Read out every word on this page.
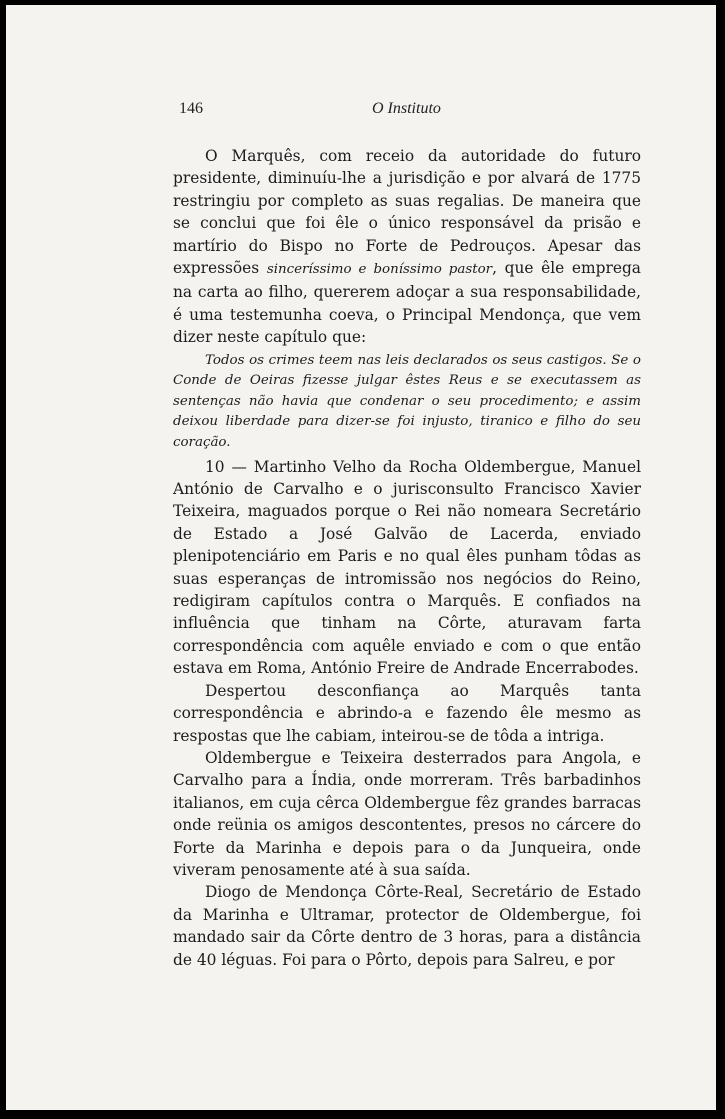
146	O Instituto

O Marquês, com receio da autoridade do futuro presidente, diminuíu-lhe a jurisdição e por alvará de 1775 restringiu por completo as suas regalias. De maneira que se conclui que foi êle o único responsável da prisão e martírio do Bispo no Forte de Pedrouços. Apesar das expressões sinceríssimo e boníssimo pastor, que êle emprega na carta ao filho, quererem adoçar a sua responsabilidade, é uma testemunha coeva, o Principal Mendonça, que vem dizer neste capítulo que:

Todos os crimes teem nas leis declarados os seus castigos. Se o Conde de Oeiras fizesse julgar êstes Reus e se executassem as sentenças não havia que condenar o seu procedimento; e assim deixou liberdade para dizer-se foi injusto, tiranico e filho do seu coração.

10 — Martinho Velho da Rocha Oldembergue, Manuel António de Carvalho e o jurisconsulto Francisco Xavier Teixeira, maguados porque o Rei não nomeara Secretário de Estado a José Galvão de Lacerda, enviado plenipotenciário em Paris e no qual êles punham tôdas as suas esperanças de intromissão nos negócios do Reino, redigiram capítulos contra o Marquês. E confiados na influência que tinham na Côrte, aturavam farta correspondência com aquêle enviado e com o que então estava em Roma, António Freire de Andrade Encerrabodes.

Despertou desconfiança ao Marquês tanta correspondência e abrindo-a e fazendo êle mesmo as respostas que lhe cabiam, inteirou-se de tôda a intriga.

Oldembergue e Teixeira desterrados para Angola, e Carvalho para a Índia, onde morreram. Três barbadinhos italianos, em cuja cêrca Oldembergue fêz grandes barracas onde reünia os amigos descontentes, presos no cárcere do Forte da Marinha e depois para o da Junqueira, onde viveram penosamente até à sua saída.

Diogo de Mendonça Côrte-Real, Secretário de Estado da Marinha e Ultramar, protector de Oldembergue, foi mandado sair da Côrte dentro de 3 horas, para a distância de 40 léguas. Foi para o Pôrto, depois para Salreu, e por
